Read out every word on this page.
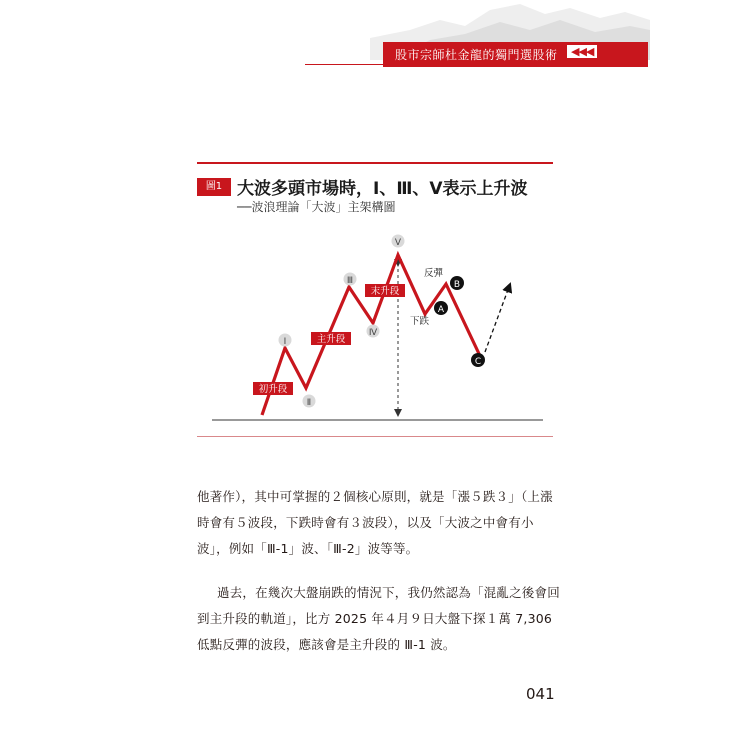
股市宗師杜金龍的獨門選股術	◀◀◀
圖1 大波多頭市場時，Ⅰ、Ⅲ、Ⅴ表示上升波
──波浪理論「大波」主架構圖
Ⅰ
Ⅱ
Ⅲ
Ⅳ
Ⅴ
A
B
C
初升段
主升段
末升段
反彈
下跌

他著作），其中可掌握的２個核心原則，就是「漲５跌３」（上漲時會有５波段，下跌時會有３波段），以及「大波之中會有小波」，例如「Ⅲ-1」波、「Ⅲ-2」波等等。

過去，在幾次大盤崩跌的情況下，我仍然認為「混亂之後會回到主升段的軌道」，比方 2025 年４月９日大盤下探１萬 7,306 低點反彈的波段，應該會是主升段的 Ⅲ-1 波。

041
